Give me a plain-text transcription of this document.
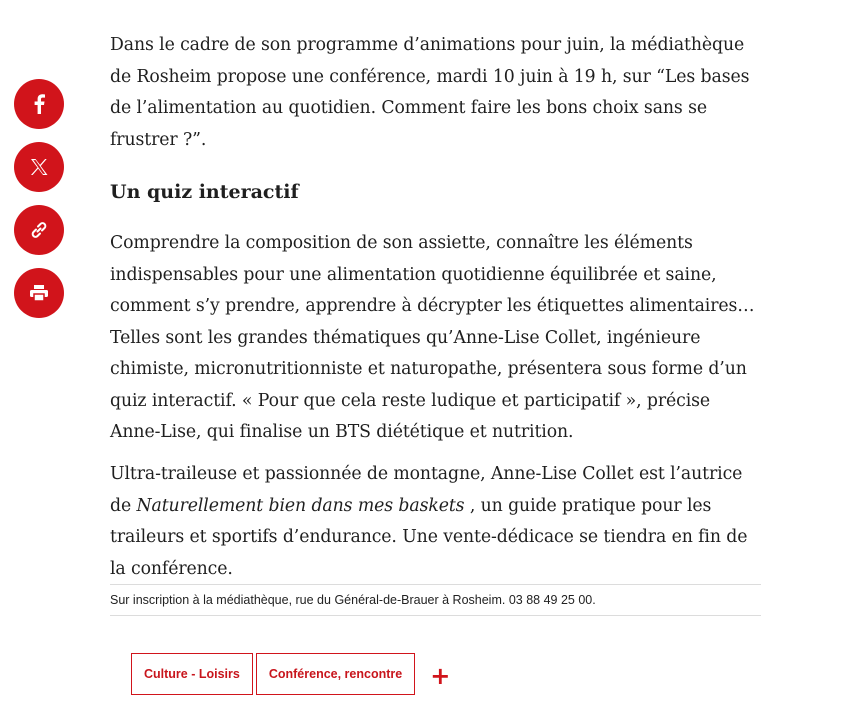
Dans le cadre de son programme d’animations pour juin, la médiathèque de Rosheim propose une conférence, mardi 10 juin à 19 h, sur “Les bases de l’alimentation au quotidien. Comment faire les bons choix sans se frustrer ?”.

Un quiz interactif

Comprendre la composition de son assiette, connaître les éléments indispensables pour une alimentation quotidienne équilibrée et saine, comment s’y prendre, apprendre à décrypter les étiquettes alimentaires… Telles sont les grandes thématiques qu’Anne-Lise Collet, ingénieure chimiste, micronutritionniste et naturopathe, présentera sous forme d’un quiz interactif. « Pour que cela reste ludique et participatif », précise Anne-Lise, qui finalise un BTS diététique et nutrition.

Ultra-traileuse et passionnée de montagne, Anne-Lise Collet est l’autrice de Naturellement bien dans mes baskets , un guide pratique pour les traileurs et sportifs d’endurance. Une vente-dédicace se tiendra en fin de la conférence.

Sur inscription à la médiathèque, rue du Général-de-Brauer à Rosheim. 03 88 49 25 00.
Culture - Loisirs	Conférence, rencontre	+
